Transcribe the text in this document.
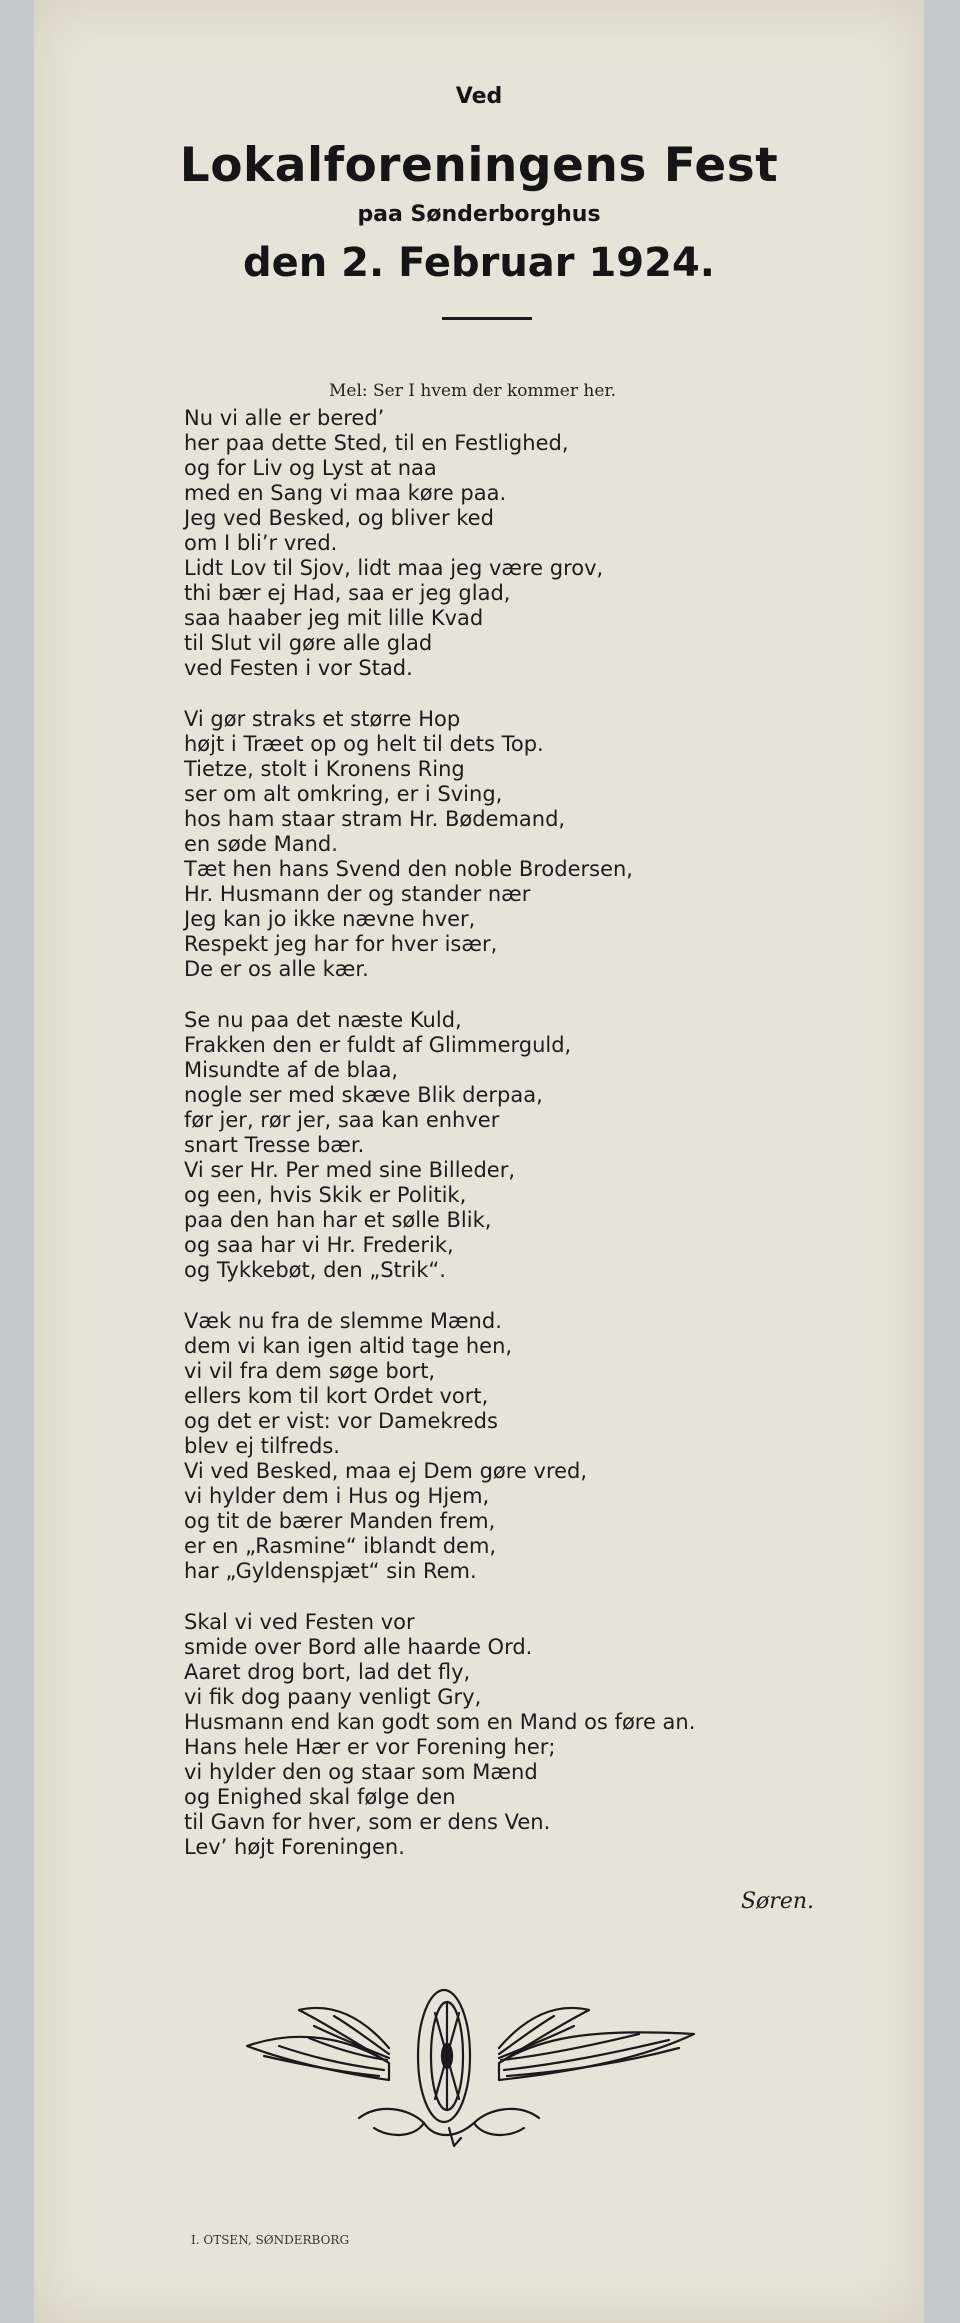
Ved

Lokalforeningens Fest

paa Sønderborghus

den 2. Februar 1924.

Mel: Ser I hvem der kommer her.

Nu vi alle er bered’
her paa dette Sted, til en Festlighed,
og for Liv og Lyst at naa
med en Sang vi maa køre paa.
Jeg ved Besked, og bliver ked
om I bli’r vred.
Lidt Lov til Sjov, lidt maa jeg være grov,
thi bær ej Had, saa er jeg glad,
saa haaber jeg mit lille Kvad
til Slut vil gøre alle glad
ved Festen i vor Stad.
Vi gør straks et større Hop
højt i Træet op og helt til dets Top.
Tietze, stolt i Kronens Ring
ser om alt omkring, er i Sving,
hos ham staar stram Hr. Bødemand,
en søde Mand.
Tæt hen hans Svend den noble Brodersen,
Hr. Husmann der og stander nær
Jeg kan jo ikke nævne hver,
Respekt jeg har for hver især,
De er os alle kær.
Se nu paa det næste Kuld,
Frakken den er fuldt af Glimmerguld,
Misundte af de blaa,
nogle ser med skæve Blik derpaa,
før jer, rør jer, saa kan enhver
snart Tresse bær.
Vi ser Hr. Per med sine Billeder,
og een, hvis Skik er Politik,
paa den han har et sølle Blik,
og saa har vi Hr. Frederik,
og Tykkebøt, den „Strik“.
Væk nu fra de slemme Mænd.
dem vi kan igen altid tage hen,
vi vil fra dem søge bort,
ellers kom til kort Ordet vort,
og det er vist: vor Damekreds
blev ej tilfreds.
Vi ved Besked, maa ej Dem gøre vred,
vi hylder dem i Hus og Hjem,
og tit de bærer Manden frem,
er en „Rasmine“ iblandt dem,
har „Gyldenspjæt“ sin Rem.
Skal vi ved Festen vor
smide over Bord alle haarde Ord.
Aaret drog bort, lad det fly,
vi fik dog paany venligt Gry,
Husmann end kan godt som en Mand os føre an.
Hans hele Hær er vor Forening her;
vi hylder den og staar som Mænd
og Enighed skal følge den
til Gavn for hver, som er dens Ven.
Lev’ højt Foreningen.

Søren.

I. OTSEN, SØNDERBORG
